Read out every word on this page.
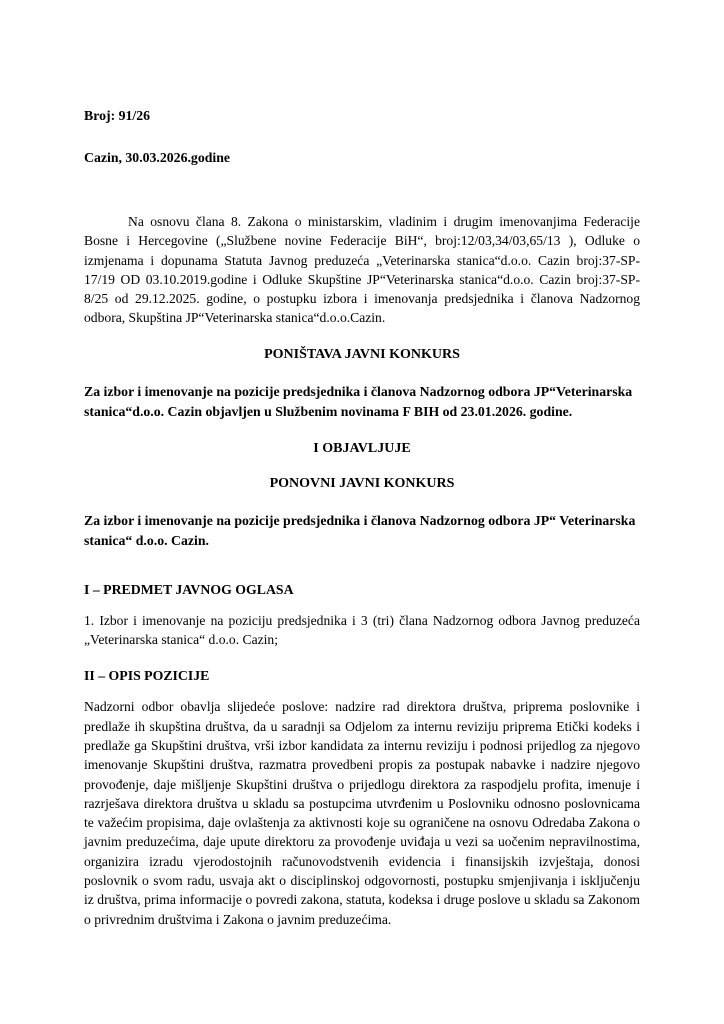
Broj: 91/26
Cazin, 30.03.2026.godine

Na osnovu člana 8. Zakona o ministarskim, vladinim i drugim imenovanjima Federacije Bosne i Hercegovine („Službene novine Federacije BiH“, broj:12/03,34/03,65/13 ), Odluke o izmjenama i dopunama Statuta Javnog preduzeća „Veterinarska stanica“d.o.o. Cazin broj:37-SP-17/19 OD 03.10.2019.godine i Odluke Skupštine JP“Veterinarska stanica“d.o.o. Cazin broj:37-SP-8/25 od 29.12.2025. godine, o postupku izbora i imenovanja predsjednika i članova Nadzornog odbora, Skupština JP“Veterinarska stanica“d.o.o.Cazin.

PONIŠTAVA JAVNI KONKURS
Za izbor i imenovanje na pozicije predsjednika i članova Nadzornog odbora JP“Veterinarska stanica“d.o.o. Cazin objavljen u Službenim novinama F BIH od 23.01.2026. godine.
I OBJAVLJUJE
PONOVNI JAVNI KONKURS
Za izbor i imenovanje na pozicije predsjednika i članova Nadzornog odbora JP“ Veterinarska stanica“ d.o.o. Cazin.
I – PREDMET JAVNOG OGLASA

1. Izbor i imenovanje na poziciju predsjednika i 3 (tri) člana Nadzornog odbora Javnog preduzeća „Veterinarska stanica“ d.o.o. Cazin;

II – OPIS POZICIJE

Nadzorni odbor obavlja slijedeće poslove: nadzire rad direktora društva, priprema poslovnike i predlaže ih skupština društva, da u saradnji sa Odjelom za internu reviziju priprema Etički kodeks i predlaže ga Skupštini društva, vrši izbor kandidata za internu reviziju i podnosi prijedlog za njegovo imenovanje Skupštini društva, razmatra provedbeni propis za postupak nabavke i nadzire njegovo provođenje, daje mišljenje Skupštini društva o prijedlogu direktora za raspodjelu profita, imenuje i razrješava direktora društva u skladu sa postupcima utvrđenim u Poslovniku odnosno poslovnicama te važećim propisima, daje ovlaštenja za aktivnosti koje su ograničene na osnovu Odredaba Zakona o javnim preduzećima, daje upute direktoru za provođenje uviđaja u vezi sa uočenim nepravilnostima, organizira izradu vjerodostojnih računovodstvenih evidencia i finansijskih izvještaja, donosi poslovnik o svom radu, usvaja akt o disciplinskoj odgovornosti, postupku smjenjivanja i isključenju iz društva, prima informacije o povredi zakona, statuta, kodeksa i druge poslove u skladu sa Zakonom o privrednim društvima i Zakona o javnim preduzećima.
